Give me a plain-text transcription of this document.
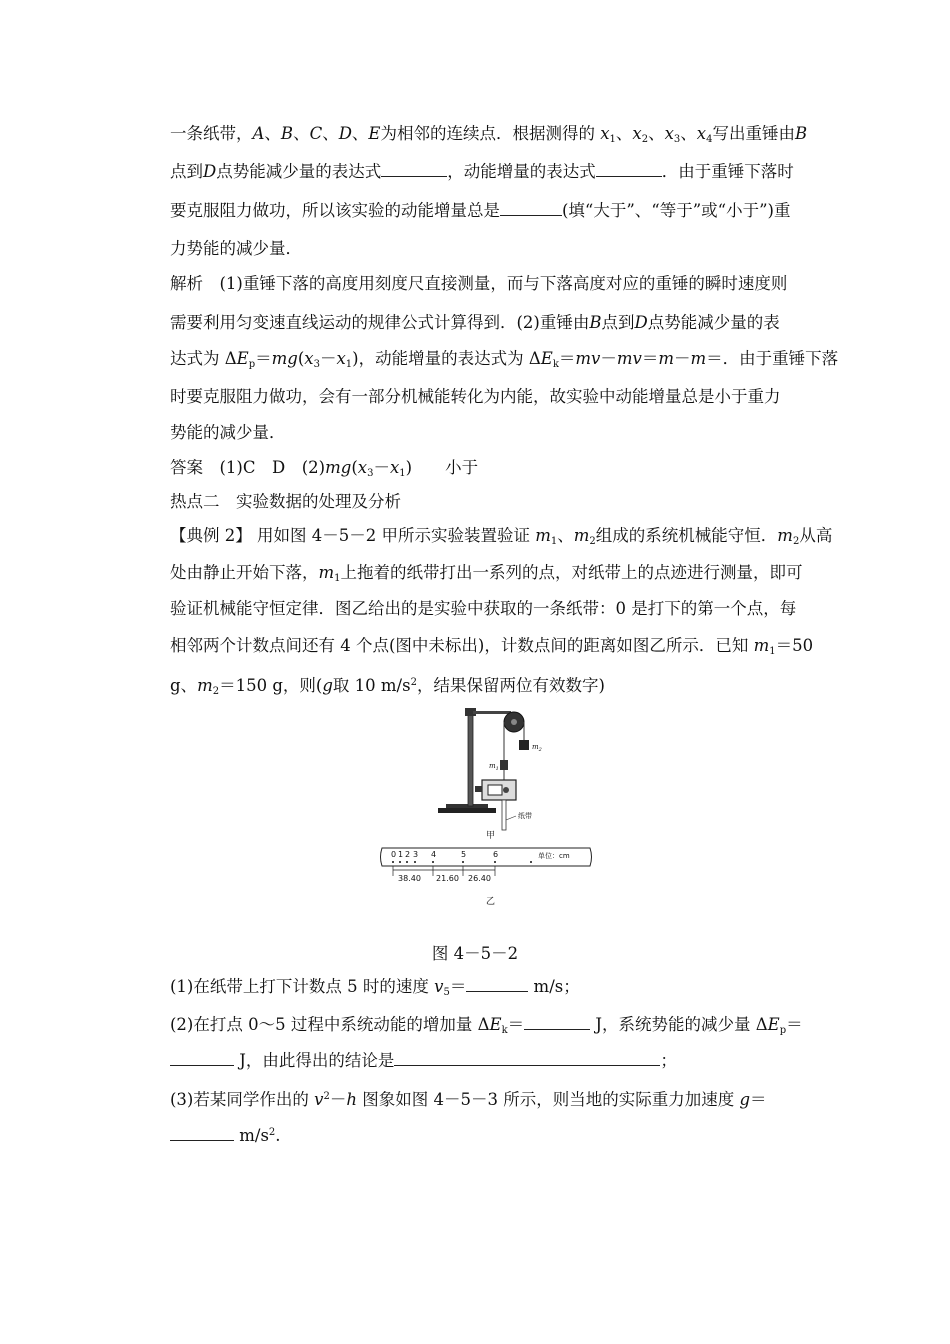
一条纸带，A、B、C、D、E为相邻的连续点．根据测得的 $x_1$、$x_2$、$x_3$、$x_4$写出重锤由B
点到D点势能减少量的表达式	，动能增量的表达式	．由于重锤下落时
要克服阻力做功，所以该实验的动能增量总是	(填“大于”、“等于”或“小于”)重
力势能的减少量．
解析　(1)重锤下落的高度用刻度尺直接测量，而与下落高度对应的重锤的瞬时速度则
需要利用匀变速直线运动的规律公式计算得到．(2)重锤由B点到D点势能减少量的表
达式为 $\Delta E_p=mg(x_3-x_1)$，动能增量的表达式为 $\Delta E_k=mv-mv=m-m=$．由于重锤下落
时要克服阻力做功，会有一部分机械能转化为内能，故实验中动能增量总是小于重力
势能的减少量．
答案　(1)C　D　$(2)mg(x_3-x_1)$　　小于
热点二　实验数据的处理及分析
【典例 2】 用如图 4－5－2 甲所示实验装置验证 $m_1$、$m_2$组成的系统机械能守恒．$m_2$从高
处由静止开始下落，$m_1$上拖着的纸带打出一系列的点，对纸带上的点迹进行测量，即可
验证机械能守恒定律．图乙给出的是实验中获取的一条纸带：0 是打下的第一个点，每
相邻两个计数点间还有 4 个点(图中未标出)，计数点间的距离如图乙所示．已知 $m_1=50$
g、$m_2=150$ g，则(g取 10 $m/s^2$，结果保留两位有效数字)
$m_2$
$m_1$
纸带
甲
0 1 2 3 4	5	6	单位：cm
38.40 21.60 26.40
乙
图 4－5－2
(1)在纸带上打下计数点 5 时的速度 $v_5=$	m/s；
(2)在打点 0～5 过程中系统动能的增加量 $\Delta E_k=$	J，系统势能的减少量 $\Delta E_p=$
J，由此得出的结论是	；
(3)若某同学作出的 $v^2-h$ 图象如图 4－5－3 所示，则当地的实际重力加速度 g＝
$m/s^2$.
